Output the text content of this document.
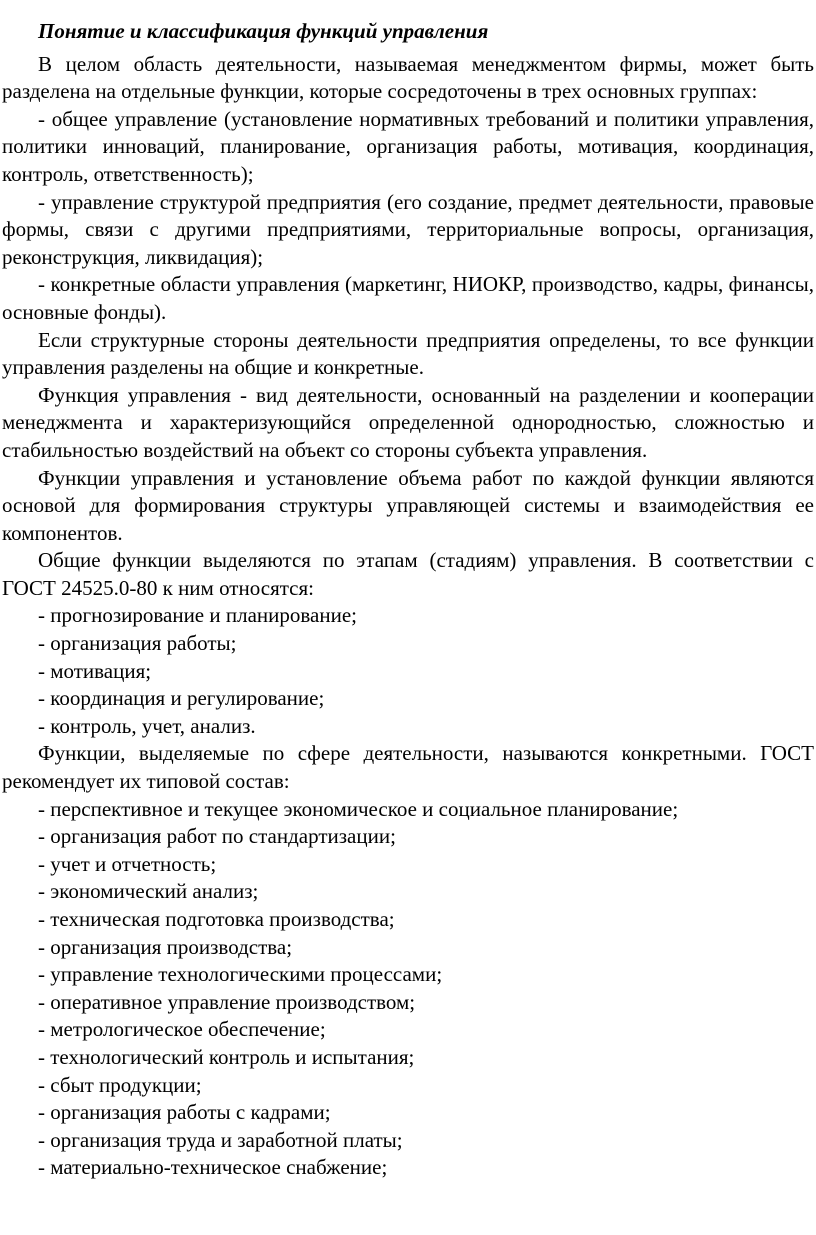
Понятие и классификация функций управления

В целом область деятельности, называемая менеджментом фирмы, может быть разделена на отдельные функции, которые сосредоточены в трех основных группах:

- общее управление (установление нормативных требований и политики управления, политики инноваций, планирование, организация работы, мотивация, координация, контроль, ответственность);

- управление структурой предприятия (его создание, предмет деятельности, правовые формы, связи с другими предприятиями, территориальные вопросы, организация, реконструкция, ликвидация);

- конкретные области управления (маркетинг, НИОКР, производство, кадры, финансы, основные фонды).

Если структурные стороны деятельности предприятия определены, то все функции управления разделены на общие и конкретные.

Функция управления - вид деятельности, основанный на разделении и кооперации менеджмента и характеризующийся определенной однородностью, сложностью и стабильностью воздействий на объект со стороны субъекта управления.

Функции управления и установление объема работ по каждой функции являются основой для формирования структуры управляющей системы и взаимодействия ее компонентов.

Общие функции выделяются по этапам (стадиям) управления. В соответствии с ГОСТ 24525.0-80 к ним относятся:

- прогнозирование и планирование;

- организация работы;

- мотивация;

- координация и регулирование;

- контроль, учет, анализ.

Функции, выделяемые по сфере деятельности, называются конкретными. ГОСТ рекомендует их типовой состав:

- перспективное и текущее экономическое и социальное планирование;

- организация работ по стандартизации;

- учет и отчетность;

- экономический анализ;

- техническая подготовка производства;

- организация производства;

- управление технологическими процессами;

- оперативное управление производством;

- метрологическое обеспечение;

- технологический контроль и испытания;

- сбыт продукции;

- организация работы с кадрами;

- организация труда и заработной платы;

- материально-техническое снабжение;
